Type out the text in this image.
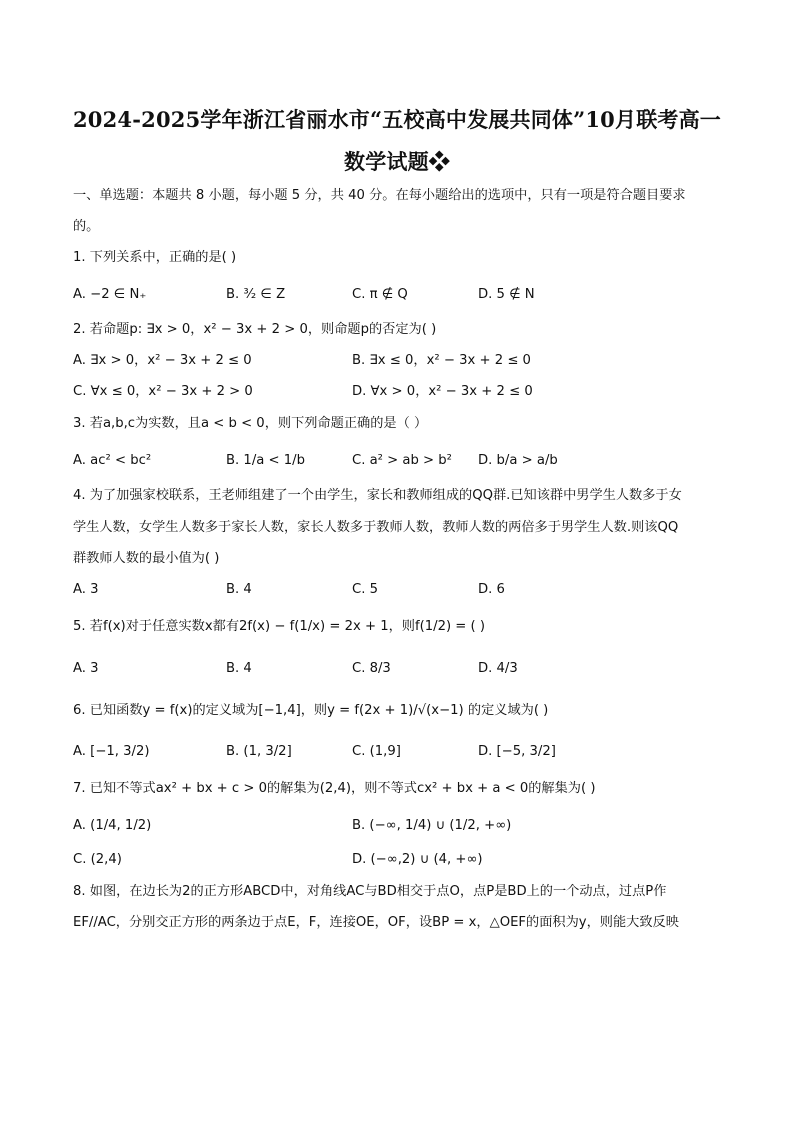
2024-2025学年浙江省丽水市“五校高中发展共同体”10月联考高一
数学试题❖
一、单选题：本题共 8 小题，每小题 5 分，共 40 分。在每小题给出的选项中，只有一项是符合题目要求
的。
1. 下列关系中，正确的是( )
A. −2 ∈ N₊	B. ³⁄₂ ∈ Z	C. π ∉ Q	D. 5 ∉ N
2. 若命题p: ∃x > 0，x² − 3x + 2 > 0，则命题p的否定为( )
A. ∃x > 0，x² − 3x + 2 ≤ 0	B. ∃x ≤ 0，x² − 3x + 2 ≤ 0
C. ∀x ≤ 0，x² − 3x + 2 > 0	D. ∀x > 0，x² − 3x + 2 ≤ 0
3. 若a,b,c为实数，且a < b < 0，则下列命题正确的是（ ）
A. ac² < bc²	B. 1/a < 1/b	C. a² > ab > b² D. b/a > a/b
4. 为了加强家校联系，王老师组建了一个由学生，家长和教师组成的QQ群.已知该群中男学生人数多于女
学生人数，女学生人数多于家长人数，家长人数多于教师人数，教师人数的两倍多于男学生人数.则该QQ
群教师人数的最小值为( )
A. 3	B. 4	C. 5	D. 6
5. 若f(x)对于任意实数x都有2f(x) − f(1/x) = 2x + 1，则f(1/2) = ( )
A. 3	B. 4	C. 8/3	D. 4/3
6. 已知函数y = f(x)的定义域为[−1,4]，则y = f(2x + 1)/√(x−1) 的定义域为( )
A. [−1, 3/2)	B. (1, 3/2]	C. (1,9]	D. [−5, 3/2]
7. 已知不等式ax² + bx + c > 0的解集为(2,4)，则不等式cx² + bx + a < 0的解集为( )
A. (1/4, 1/2)	B. (−∞, 1/4) ∪ (1/2, +∞)
C. (2,4)	D. (−∞,2) ∪ (4, +∞)
8. 如图，在边长为2的正方形ABCD中，对角线AC与BD相交于点O，点P是BD上的一个动点，过点P作
EF//AC，分别交正方形的两条边于点E，F，连接OE，OF，设BP = x，△OEF的面积为y，则能大致反映
